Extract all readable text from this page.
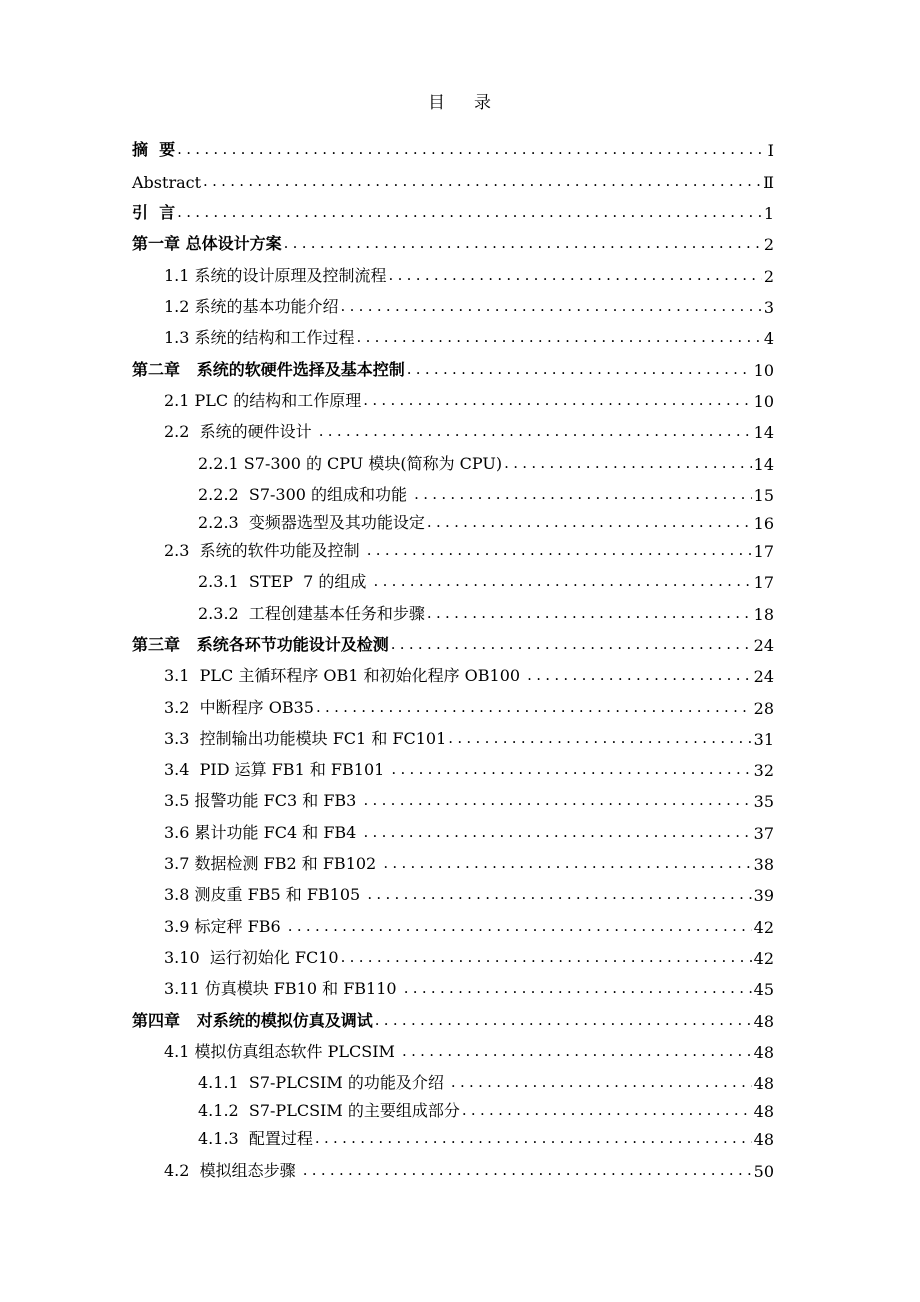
目 录
摘  要 .....	Ⅰ
Abstract .....	Ⅱ
引  言 .....	1
第一章 总体设计方案 .....	2
1.1 系统的设计原理及控制流程 .....	2
1.2 系统的基本功能介绍 .....	3
1.3 系统的结构和工作过程 .....	4
第二章   系统的软硬件选择及基本控制 .....	10
2.1 PLC 的结构和工作原理 .....	10
2.2  系统的硬件设计 .....	14
2.2.1 S7-300 的 CPU 模块(简称为 CPU) .....	14
2.2.2  S7-300 的组成和功能 .....	15
2.2.3  变频器选型及其功能设定 .....	16
2.3  系统的软件功能及控制 .....	17
2.3.1  STEP  7 的组成 .....	17
2.3.2  工程创建基本任务和步骤 .....	18
第三章   系统各环节功能设计及检测 .....	24
3.1  PLC 主循环程序 OB1 和初始化程序 OB100 .....	24
3.2  中断程序 OB35 .....	28
3.3  控制输出功能模块 FC1 和 FC101 .....	31
3.4  PID 运算 FB1 和 FB101 .....	32
3.5 报警功能 FC3 和 FB3 .....	35
3.6 累计功能 FC4 和 FB4 .....	37
3.7 数据检测 FB2 和 FB102 .....	38
3.8 测皮重 FB5 和 FB105 .....	39
3.9 标定秤 FB6 .....	42
3.10  运行初始化 FC10 .....	42
3.11 仿真模块 FB10 和 FB110 .....	45
第四章   对系统的模拟仿真及调试 .....	48
4.1 模拟仿真组态软件 PLCSIM .....	48
4.1.1  S7-PLCSIM 的功能及介绍 .....	48
4.1.2  S7-PLCSIM 的主要组成部分 .....	48
4.1.3  配置过程 .....	48
4.2  模拟组态步骤 .....	50
